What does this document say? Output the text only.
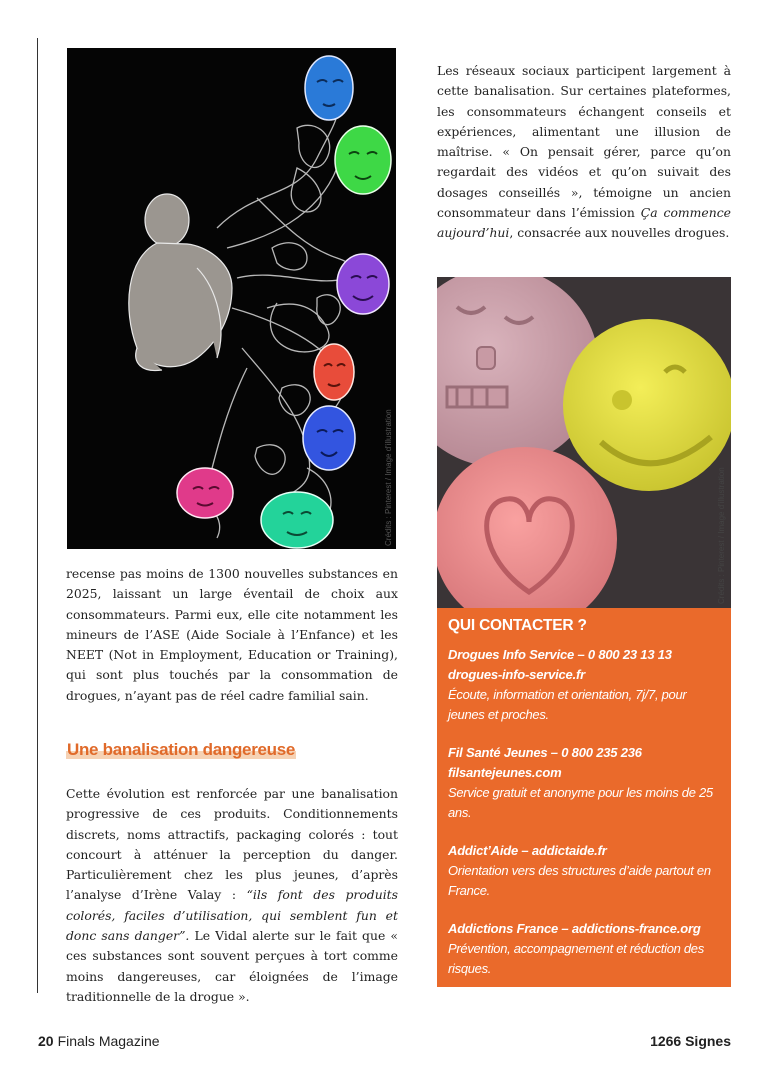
Crédits : Pinterest / Image d'illustration
Les réseaux sociaux participent largement à cette banalisation. Sur certaines plateformes, les consommateurs échangent conseils et expériences, alimentant une illusion de maîtrise. « On pensait gérer, parce qu’on regardait des vidéos et qu’on suivait des dosages conseillés », témoigne un ancien consommateur dans l’émission Ça commence aujourd’hui, consacrée aux nouvelles drogues.
Crédits : Pinterest / Image d'illustration
recense pas moins de 1300 nouvelles substances en 2025, laissant un large éventail de choix aux consommateurs. Parmi eux, elle cite notamment les mineurs de l’ASE (Aide Sociale à l’Enfance) et les NEET (Not in Employment, Education or Training), qui sont plus touchés par la consommation de drogues, n’ayant pas de réel cadre familial sain.
Une banalisation dangereuse
Cette évolution est renforcée par une banalisation progressive de ces produits. Conditionnements discrets, noms attractifs, packaging colorés : tout concourt à atténuer la perception du danger. Particulièrement chez les plus jeunes, d’après l’analyse d’Irène Valay : “ils font des produits colorés, faciles d’utilisation, qui semblent fun et donc sans danger”. Le Vidal alerte sur le fait que « ces substances sont souvent perçues à tort comme moins dangereuses, car éloignées de l’image traditionnelle de la drogue ».
QUI CONTACTER ?
Drogues Info Service – 0 800 23 13 13
drogues-info-service.fr
Écoute, information et orientation, 7j/7, pour jeunes et proches.
Fil Santé Jeunes – 0 800 235 236
filsantejeunes.com
Service gratuit et anonyme pour les moins de 25 ans.
Addict’Aide – addictaide.fr
Orientation vers des structures d’aide partout en France.
Addictions France – addictions-france.org
Prévention, accompagnement et réduction des risques.
20 Finals Magazine	1266 Signes
